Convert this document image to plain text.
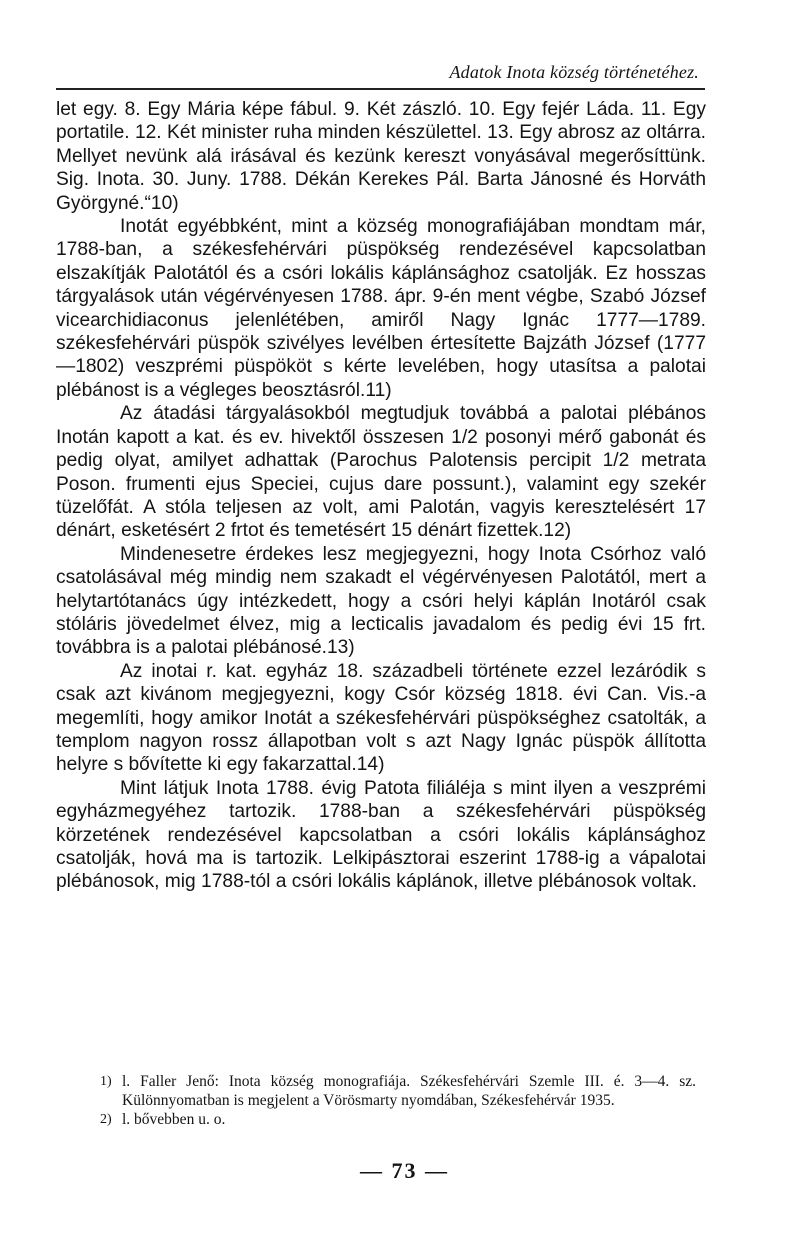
Adatok Inota község történetéhez.

let egy. 8. Egy Mária képe fábul. 9. Két zászló. 10. Egy fejér Láda. 11. Egy portatile. 12. Két minister ruha minden készülettel. 13. Egy abrosz az oltárra. Mellyet nevünk alá irásával és kezünk kereszt vonyásával megerősíttünk. Sig. Inota. 30. Juny. 1788. Dékán Kerekes Pál. Barta Jánosné és Horváth Györgyné.“10)

Inotát egyébbként, mint a község monografiájában mondtam már, 1788-ban, a székesfehérvári püspökség rendezésével kapcsolatban elszakítják Palotától és a csóri lokális káplánsághoz csatolják. Ez hosszas tárgyalások után végérvényesen 1788. ápr. 9-én ment végbe, Szabó József vicearchidiaconus jelenlétében, amiről Nagy Ignác 1777—1789. székesfehérvári püspök szivélyes levélben értesítette Bajzáth József (1777—1802) veszprémi püspököt s kérte levelében, hogy utasítsa a palotai plébánost is a végleges beosztásról.11)

Az átadási tárgyalásokból megtudjuk továbbá a palotai plébános Inotán kapott a kat. és ev. hivektől összesen 1/2 posonyi mérő gabonát és pedig olyat, amilyet adhattak (Parochus Palotensis percipit 1/2 metrata Poson. frumenti ejus Speciei, cujus dare possunt.), valamint egy szekér tüzelőfát. A stóla teljesen az volt, ami Palotán, vagyis keresztelésért 17 dénárt, esketésért 2 frtot és temetésért 15 dénárt fizettek.12)

Mindenesetre érdekes lesz megjegyezni, hogy Inota Csórhoz való csatolásával még mindig nem szakadt el végérvényesen Palotától, mert a helytartótanács úgy intézkedett, hogy a csóri helyi káplán Inotáról csak stóláris jövedelmet élvez, mig a lecticalis javadalom és pedig évi 15 frt. továbbra is a palotai plébánosé.13)

Az inotai r. kat. egyház 18. századbeli története ezzel lezáródik s csak azt kivánom megjegyezni, kogy Csór község 1818. évi Can. Vis.-a megemlíti, hogy amikor Inotát a székesfehérvári püspökséghez csatolták, a templom nagyon rossz állapotban volt s azt Nagy Ignác püspök állította helyre s bővítette ki egy fakarzattal.14)

Mint látjuk Inota 1788. évig Patota filiáléja s mint ilyen a veszprémi egyházmegyéhez tartozik. 1788-ban a székesfehérvári püspökség körzetének rendezésével kapcsolatban a csóri lokális káplánsághoz csatolják, hová ma is tartozik. Lelkipásztorai eszerint 1788-ig a vápalotai plébánosok, mig 1788-tól a csóri lokális káplánok, illetve plébánosok voltak.

1) l. Faller Jenő: Inota község monografiája. Székesfehérvári Szemle III. é. 3—4. sz. Különnyomatban is megjelent a Vörösmarty nyomdában, Székesfehérvár 1935.
2) l. bővebben u. o.
— 73 —
